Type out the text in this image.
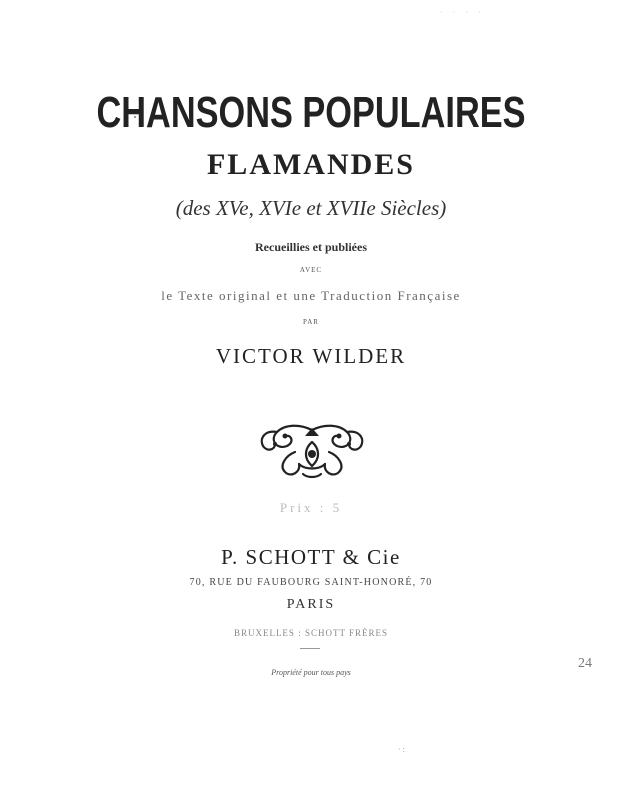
· · · ·
CHANSONS POPULAIRES
FLAMANDES
(des XVe, XVIe et XVIIe Siècles)
Recueillies et publiées
AVEC
le Texte original et une Traduction Française
PAR
VICTOR WILDER
Prix : 5
P. SCHOTT & Cie
70, RUE DU FAUBOURG SAINT-HONORÉ, 70
PARIS
BRUXELLES : SCHOTT FRÈRES
Propriété pour tous pays
24
· :
